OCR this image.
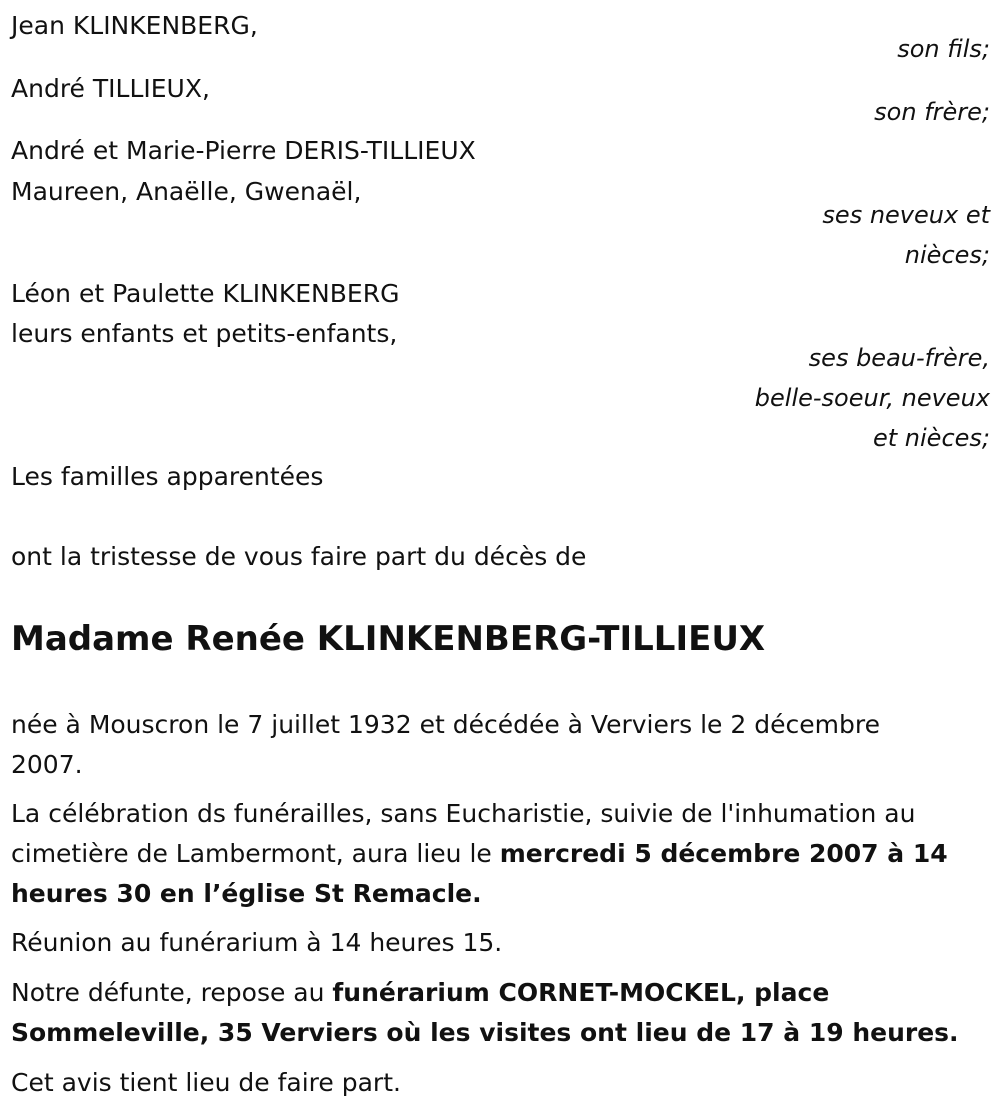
Jean KLINKENBERG,
son fils;
André TILLIEUX,
son frère;
André et Marie-Pierre DERIS-TILLIEUX
Maureen, Anaëlle, Gwenaël,
ses neveux et
nièces;
Léon et Paulette KLINKENBERG
leurs enfants et petits-enfants,
ses beau-frère,
belle-soeur, neveux
et nièces;
Les familles apparentées
ont la tristesse de vous faire part du décès de
Madame Renée KLINKENBERG-TILLIEUX
née à Mouscron le 7 juillet 1932 et décédée à Verviers le 2 décembre
2007.
La célébration ds funérailles, sans Eucharistie, suivie de l'inhumation au
cimetière de Lambermont, aura lieu le mercredi 5 décembre 2007 à 14
heures 30 en l’église St Remacle.
Réunion au funérarium à 14 heures 15.
Notre défunte, repose au funérarium CORNET-MOCKEL, place
Sommeleville, 35 Verviers où les visites ont lieu de 17 à 19 heures.
Cet avis tient lieu de faire part.
